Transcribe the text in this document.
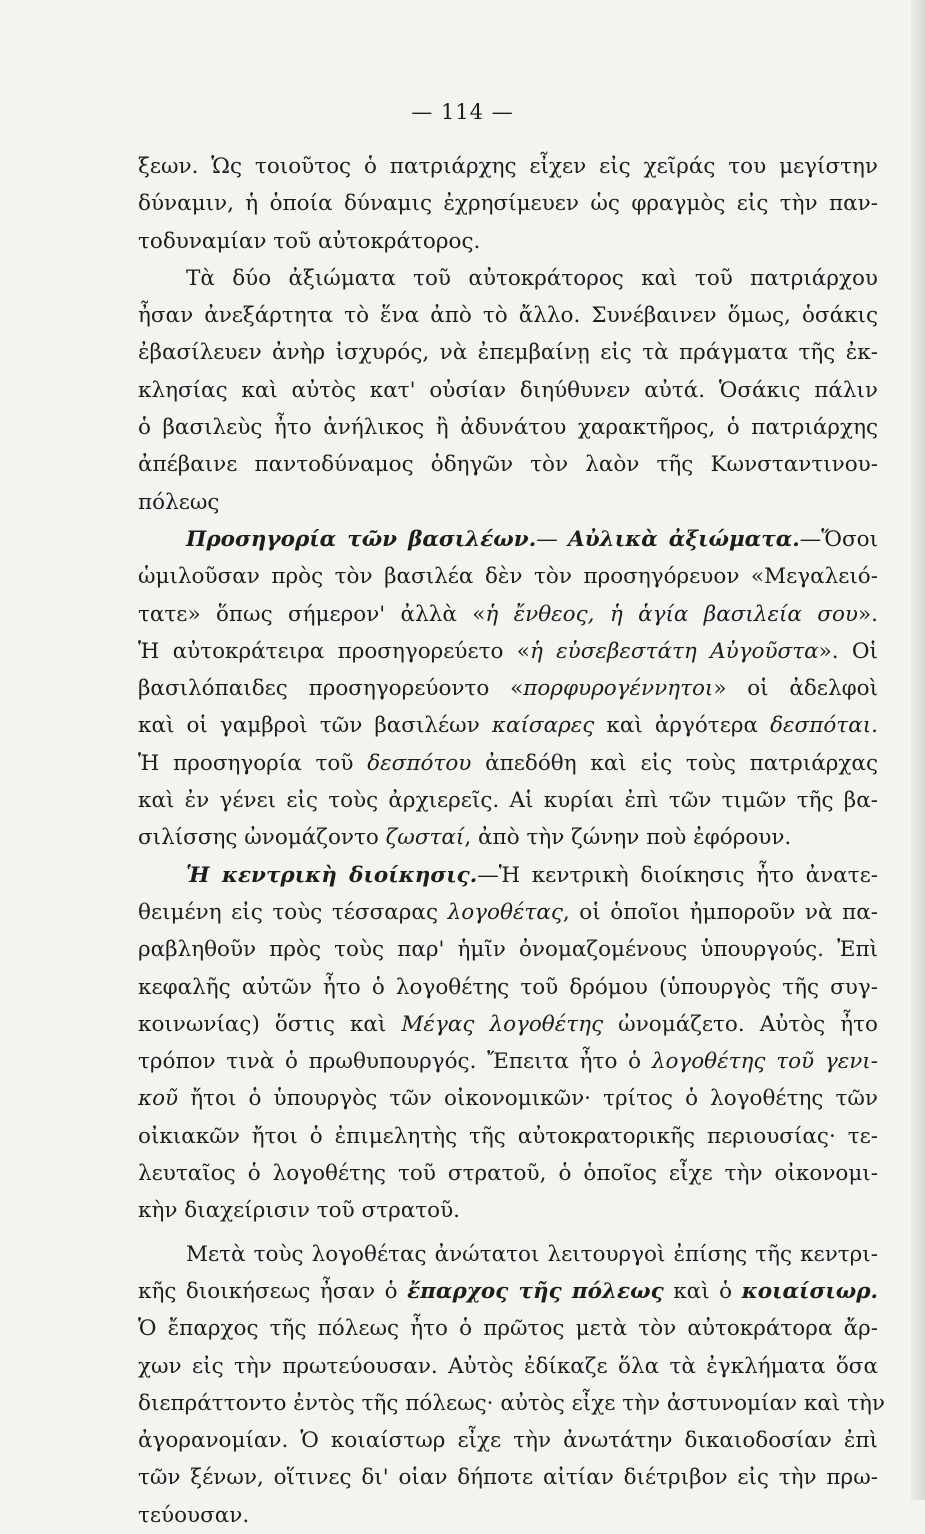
— 114 —
ξεων. Ὡς τοιοῦτος ὁ πατριάρχης εἶχεν εἰς χεῖράς του μεγίστην
δύναμιν, ἡ ὁποία δύναμις ἐχρησίμευεν ὡς φραγμὸς εἰς τὴν παν-
τοδυναμίαν τοῦ αὐτοκράτορος.
Τὰ δύο ἀξιώματα τοῦ αὐτοκράτορος καὶ τοῦ πατριάρχου
ἦσαν ἀνεξάρτητα τὸ ἕνα ἀπὸ τὸ ἄλλο. Συνέβαινεν ὅμως, ὁσάκις
ἐβασίλευεν ἀνὴρ ἰσχυρός, νὰ ἐπεμβαίνῃ εἰς τὰ πράγματα τῆς ἐκ-
κλησίας καὶ αὐτὸς κατ' οὐσίαν διηύθυνεν αὐτά. Ὁσάκις πάλιν
ὁ βασιλεὺς ἦτο ἀνήλικος ἢ ἀδυνάτου χαρακτῆρος, ὁ πατριάρχης
ἀπέβαινε παντοδύναμος ὁδηγῶν τὸν λαὸν τῆς Κωνσταντινου-
πόλεως
Προσηγορία τῶν βασιλέων.— Αὐλικὰ ἀξιώματα.—Ὅσοι
ὡμιλοῦσαν πρὸς τὸν βασιλέα δὲν τὸν προσηγόρευον «Μεγαλειό-
τατε» ὅπως σήμερον' ἀλλὰ «ἡ ἔνθεος, ἡ ἁγία βασιλεία σου».
Ἡ αὐτοκράτειρα προσηγορεύετο «ἡ εὐσεβεστάτη Αὐγοῦστα». Οἱ
βασιλόπαιδες προσηγορεύοντο «πορφυρογέννητοι» οἱ ἀδελφοὶ
καὶ οἱ γαμβροὶ τῶν βασιλέων καίσαρες καὶ ἀργότερα δεσπόται.
Ἡ προσηγορία τοῦ δεσπότου ἀπεδόθη καὶ εἰς τοὺς πατριάρχας
καὶ ἐν γένει εἰς τοὺς ἀρχιερεῖς. Αἱ κυρίαι ἐπὶ τῶν τιμῶν τῆς βα-
σιλίσσης ὠνομάζοντο ζωσταί, ἀπὸ τὴν ζώνην ποὺ ἐφόρουν.
Ἡ κεντρικὴ διοίκησις.—Ἡ κεντρικὴ διοίκησις ἦτο ἀνατε-
θειμένη εἰς τοὺς τέσσαρας λογοθέτας, οἱ ὁποῖοι ἠμποροῦν νὰ πα-
ραβληθοῦν πρὸς τοὺς παρ' ἡμῖν ὀνομαζομένους ὑπουργούς. Ἐπὶ
κεφαλῆς αὐτῶν ἦτο ὁ λογοθέτης τοῦ δρόμου (ὑπουργὸς τῆς συγ-
κοινωνίας) ὅστις καὶ Μέγας λογοθέτης ὠνομάζετο. Αὐτὸς ἦτο
τρόπον τινὰ ὁ πρωθυπουργός. Ἔπειτα ἦτο ὁ λογοθέτης τοῦ γενι-
κοῦ ἤτοι ὁ ὑπουργὸς τῶν οἰκονομικῶν· τρίτος ὁ λογοθέτης τῶν
οἰκιακῶν ἤτοι ὁ ἐπιμελητὴς τῆς αὐτοκρατορικῆς περιουσίας· τε-
λευταῖος ὁ λογοθέτης τοῦ στρατοῦ, ὁ ὁποῖος εἶχε τὴν οἰκονομι-
κὴν διαχείρισιν τοῦ στρατοῦ.
Μετὰ τοὺς λογοθέτας ἀνώτατοι λειτουργοὶ ἐπίσης τῆς κεντρι-
κῆς διοικήσεως ἦσαν ὁ ἔπαρχος τῆς πόλεως καὶ ὁ κοιαίσιωρ.
Ὁ ἔπαρχος τῆς πόλεως ἦτο ὁ πρῶτος μετὰ τὸν αὐτοκράτορα ἄρ-
χων εἰς τὴν πρωτεύουσαν. Αὐτὸς ἐδίκαζε ὅλα τὰ ἐγκλήματα ὅσα
διεπράττοντο ἐντὸς τῆς πόλεως· αὐτὸς εἶχε τὴν ἀστυνομίαν καὶ τὴν
ἀγορανομίαν. Ὁ κοιαίστωρ εἶχε τὴν ἀνωτάτην δικαιοδοσίαν ἐπὶ
τῶν ξένων, οἵτινες δι' οἱαν δήποτε αἰτίαν διέτριβον εἰς τὴν πρω-
τεύουσαν.
